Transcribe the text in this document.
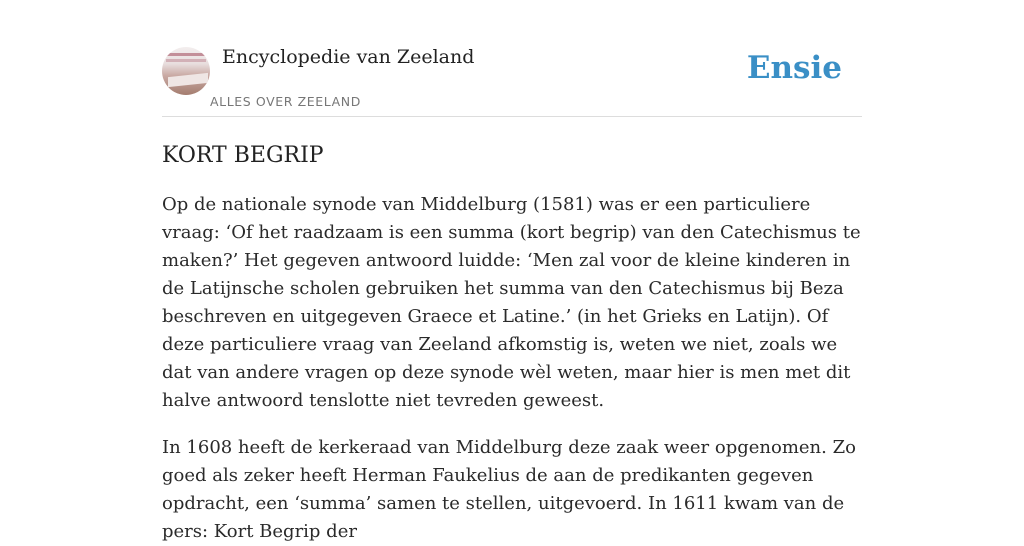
Encyclopedie van Zeeland
ALLES OVER ZEELAND
Ensie
KORT BEGRIP

Op de nationale synode van Middelburg (1581) was er een particuliere vraag: ‘Of het raadzaam is een summa (kort begrip) van den Catechismus te maken?’ Het gegeven antwoord luidde: ‘Men zal voor de kleine kinderen in de Latijnsche scholen gebruiken het summa van den Catechismus bij Beza beschreven en uitgegeven Graece et Latine.’ (in het Grieks en Latijn). Of deze particuliere vraag van Zeeland afkomstig is, weten we niet, zoals we dat van andere vragen op deze synode wèl weten, maar hier is men met dit halve antwoord tenslotte niet tevreden geweest.

In 1608 heeft de kerkeraad van Middelburg deze zaak weer opgenomen. Zo goed als zeker heeft Herman Faukelius de aan de predikanten gegeven opdracht, een ‘summa’ samen te stellen, uitgevoerd. In 1611 kwam van de pers: Kort Begrip der
